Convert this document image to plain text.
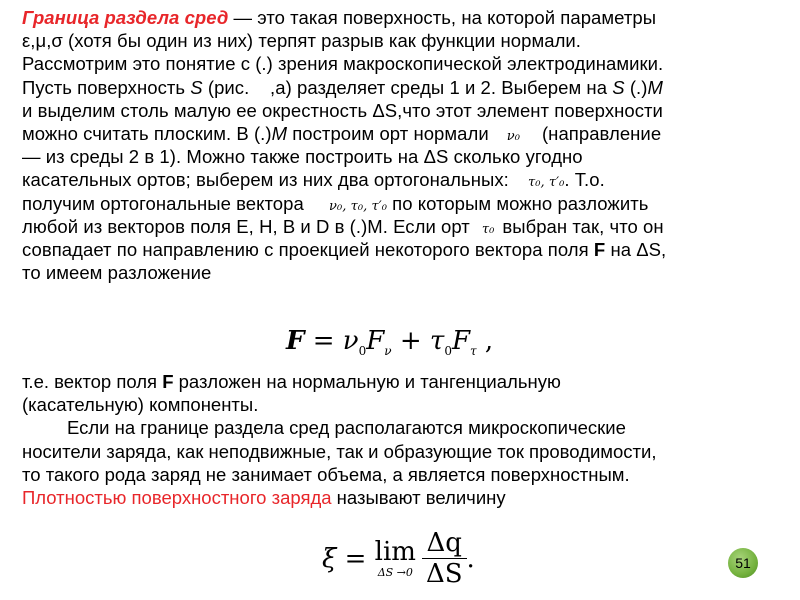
Граница раздела сред — это такая поверхность, на которой параметры
ε,μ,σ (хотя бы один из них) терпят разрыв как функции нормали.
Рассмотрим это понятие с (.) зрения макроскопической электродинамики.
Пусть поверхность S (рис.    ,а) разделяет среды 1 и 2. Выберем на S (.)M
и выделим столь малую ее окрестность ΔS,что этот элемент поверхности
можно считать плоским. В (.)M построим орт нормали ν₀ (направление
— из среды 2 в 1). Можно также построить на ΔS сколько угодно
касательных ортов; выберем из них два ортогональных: τ₀, τ′₀. Т.о.
получим ортогональные вектора ν₀, τ₀, τ′₀ по которым можно разложить
любой из векторов поля E, H, B и D в (.)M. Если орт τ₀ выбран так, что он
совпадает по направлению с проекцией некоторого вектора поля F на ΔS,
то имеем разложение
$F = \nu_0F_\nu + \tau_0F_\tau$ ,
т.е. вектор поля F разложен на нормальную и тангенциальную
(касательную) компоненты.
Если на границе раздела сред располагаются микроскопические
носители заряда, как неподвижные, так и образующие ток проводимости,
то такого рода заряд не занимает объема, а является поверхностным.
Плотностью поверхностного заряда называют величину
ξ = lim
$\Delta S \to 0 \frac{\Delta q}{\Delta S}$ .	51
